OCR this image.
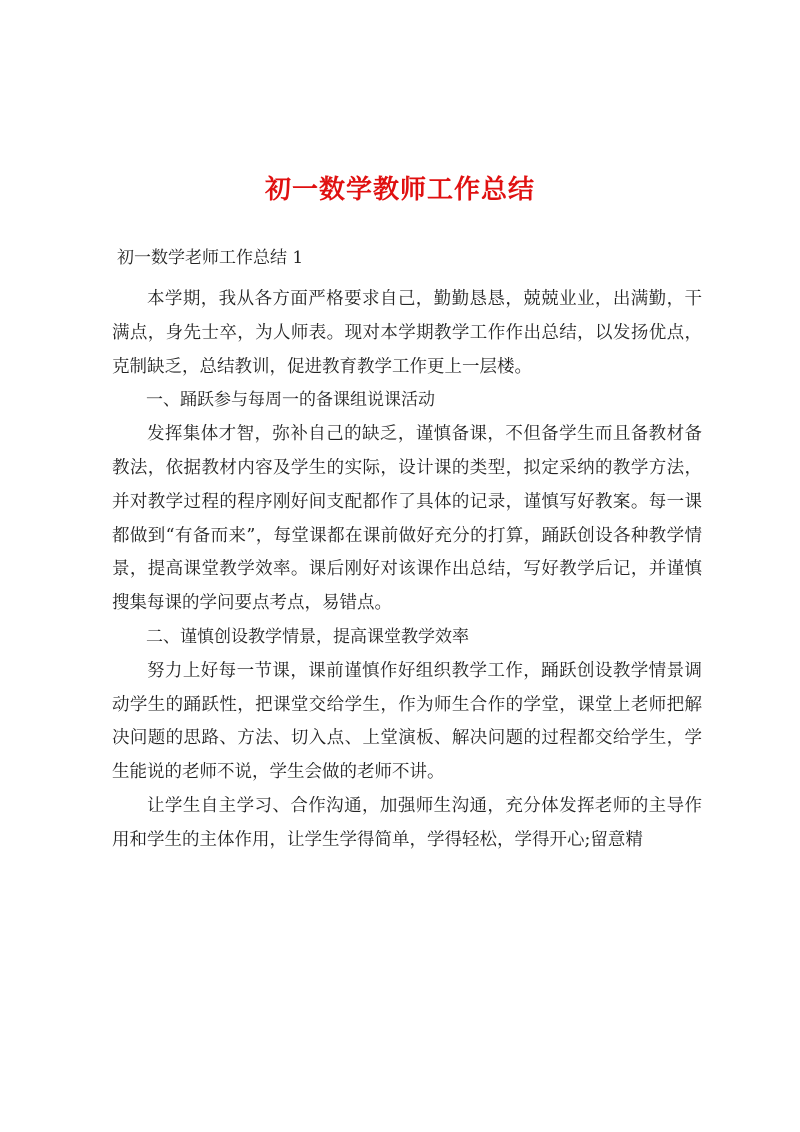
初一数学教师工作总结

初一数学老师工作总结 1

本学期，我从各方面严格要求自己，勤勤恳恳，兢兢业业，出满勤，干满点，身先士卒，为人师表。现对本学期教学工作作出总结，以发扬优点，克制缺乏，总结教训，促进教育教学工作更上一层楼。

一、踊跃参与每周一的备课组说课活动

发挥集体才智，弥补自己的缺乏，谨慎备课，不但备学生而且备教材备教法，依据教材内容及学生的实际，设计课的类型，拟定采纳的教学方法，并对教学过程的程序刚好间支配都作了具体的记录，谨慎写好教案。每一课都做到“有备而来”，每堂课都在课前做好充分的打算，踊跃创设各种教学情景，提高课堂教学效率。课后刚好对该课作出总结，写好教学后记，并谨慎搜集每课的学问要点考点，易错点。

二、谨慎创设教学情景，提高课堂教学效率

努力上好每一节课，课前谨慎作好组织教学工作，踊跃创设教学情景调动学生的踊跃性，把课堂交给学生，作为师生合作的学堂，课堂上老师把解决问题的思路、方法、切入点、上堂演板、解决问题的过程都交给学生，学生能说的老师不说，学生会做的老师不讲。

让学生自主学习、合作沟通，加强师生沟通，充分体发挥老师的主导作用和学生的主体作用，让学生学得简单，学得轻松，学得开心;留意精
